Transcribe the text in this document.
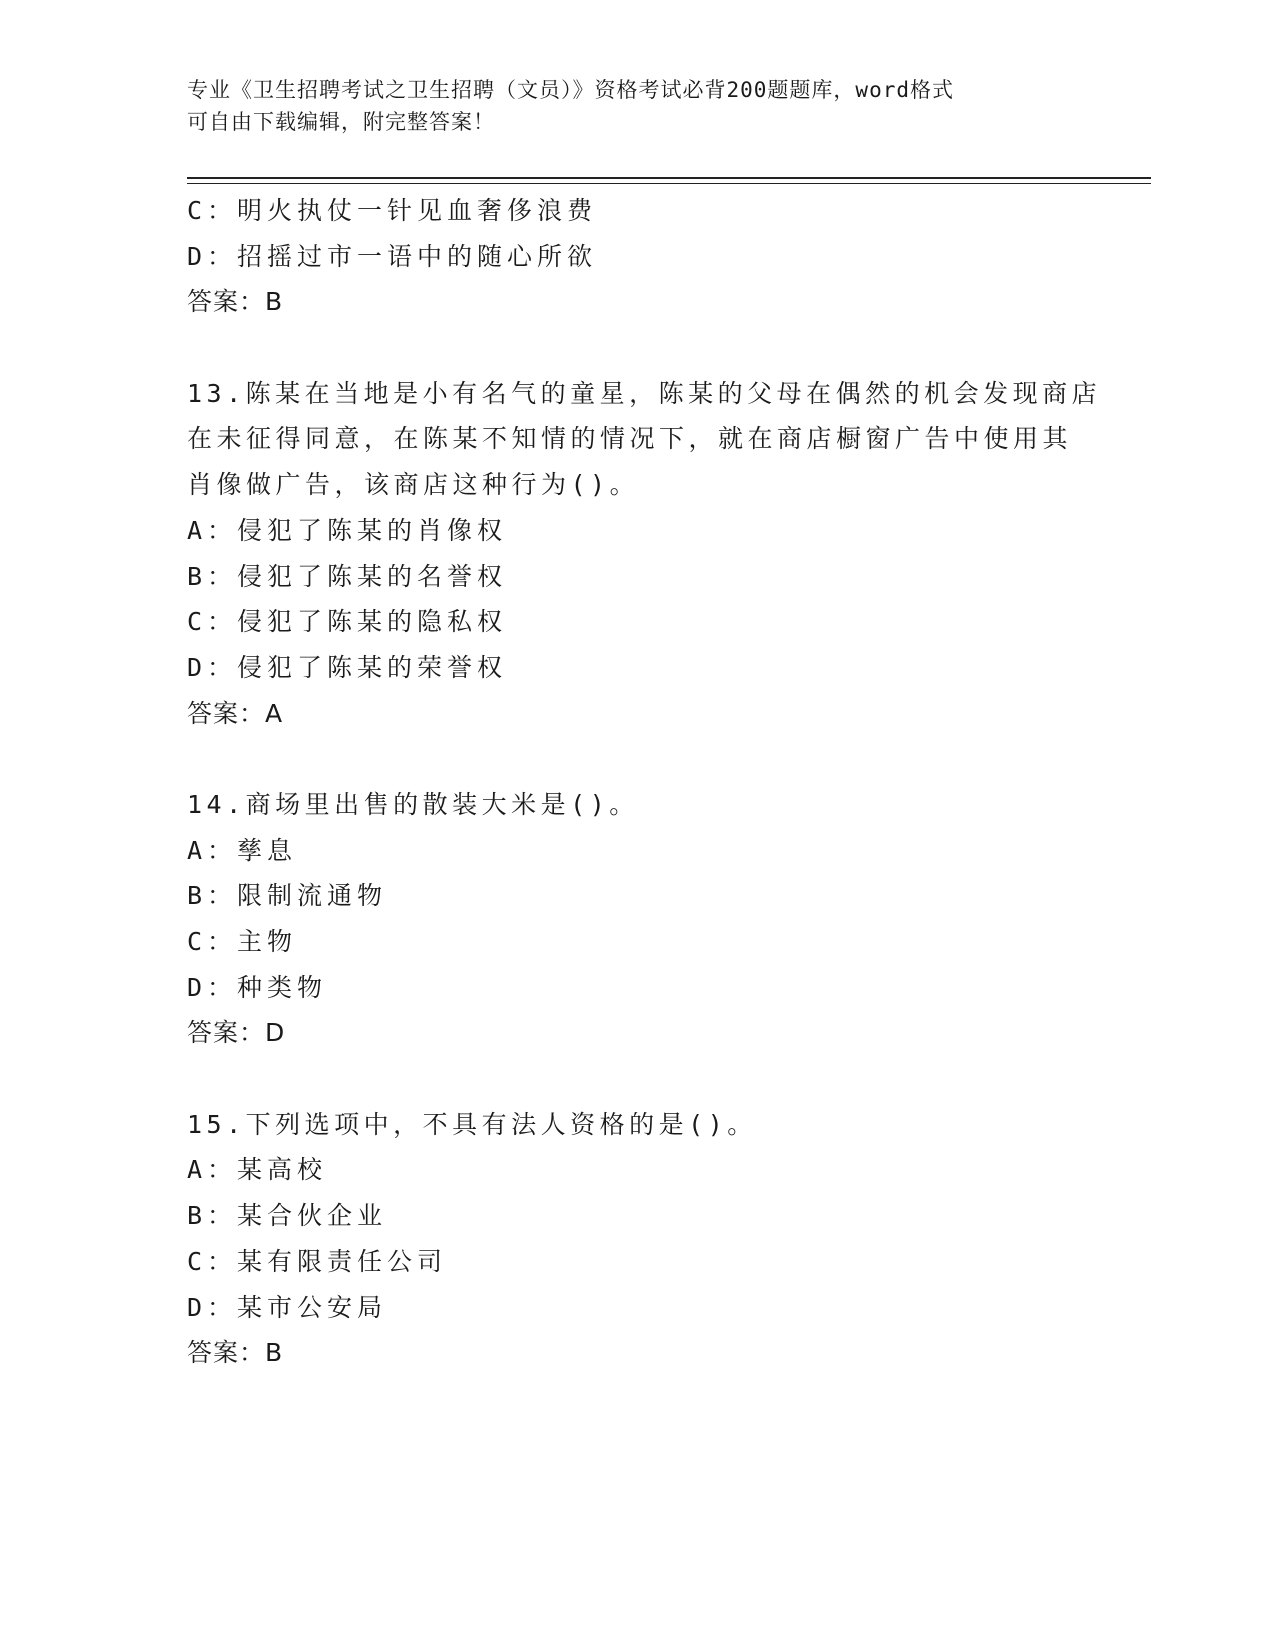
专业《卫生招聘考试之卫生招聘（文员）》资格考试必背200题题库，word格式
可自由下载编辑，附完整答案！
C：明火执仗一针见血奢侈浪费
D：招摇过市一语中的随心所欲
答案：B
13.陈某在当地是小有名气的童星，陈某的父母在偶然的机会发现商店
在未征得同意，在陈某不知情的情况下，就在商店橱窗广告中使用其
肖像做广告，该商店这种行为()。
A：侵犯了陈某的肖像权
B：侵犯了陈某的名誉权
C：侵犯了陈某的隐私权
D：侵犯了陈某的荣誉权
答案：A
14.商场里出售的散装大米是()。
A：孳息
B：限制流通物
C：主物
D：种类物
答案：D
15.下列选项中，不具有法人资格的是()。
A：某高校
B：某合伙企业
C：某有限责任公司
D：某市公安局
答案：B
